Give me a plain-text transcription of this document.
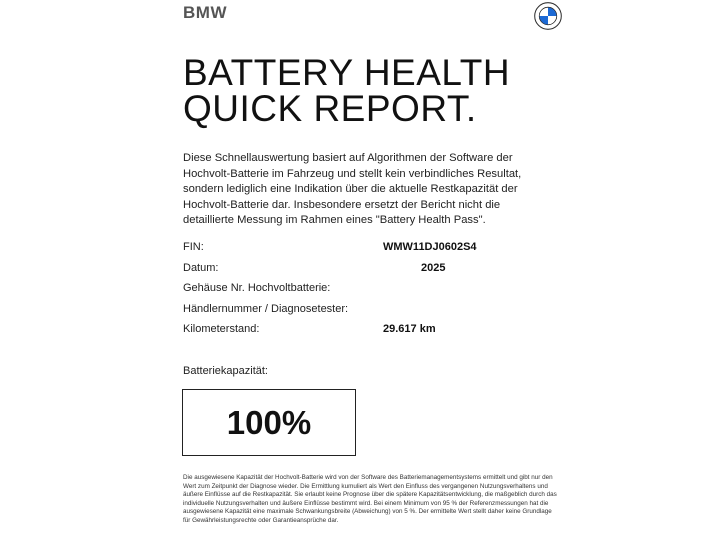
BMW
BATTERY HEALTH
QUICK REPORT.
Diese Schnellauswertung basiert auf Algorithmen der Software der Hochvolt-Batterie im Fahrzeug und stellt kein verbindliches Resultat, sondern lediglich eine Indikation über die aktuelle Restkapazität der Hochvolt-Batterie dar. Insbesondere ersetzt der Bericht nicht die detaillierte Messung im Rahmen eines "Battery Health Pass".
FIN:	WMW11DJ0602S4
Datum:	2025
Gehäuse Nr. Hochvoltbatterie:
Händlernummer / Diagnosetester:
Kilometerstand:	29.617 km
Batteriekapazität:
100%
Die ausgewiesene Kapazität der Hochvolt-Batterie wird von der Software des Batteriemanagementsystems ermittelt und gibt nur den Wert zum Zeitpunkt der Diagnose wieder. Die Ermittlung kumuliert als Wert den Einfluss des vergangenen Nutzungsverhaltens und äußere Einflüsse auf die Restkapazität. Sie erlaubt keine Prognose über die spätere Kapazitätsentwicklung, die maßgeblich durch das individuelle Nutzungsverhalten und äußere Einflüsse bestimmt wird. Bei einem Minimum von 95 % der Referenzmessungen hat die ausgewiesene Kapazität eine maximale Schwankungsbreite (Abweichung) von 5 %. Der ermittelte Wert stellt daher keine Grundlage für Gewährleistungsrechte oder Garantieansprüche dar.
